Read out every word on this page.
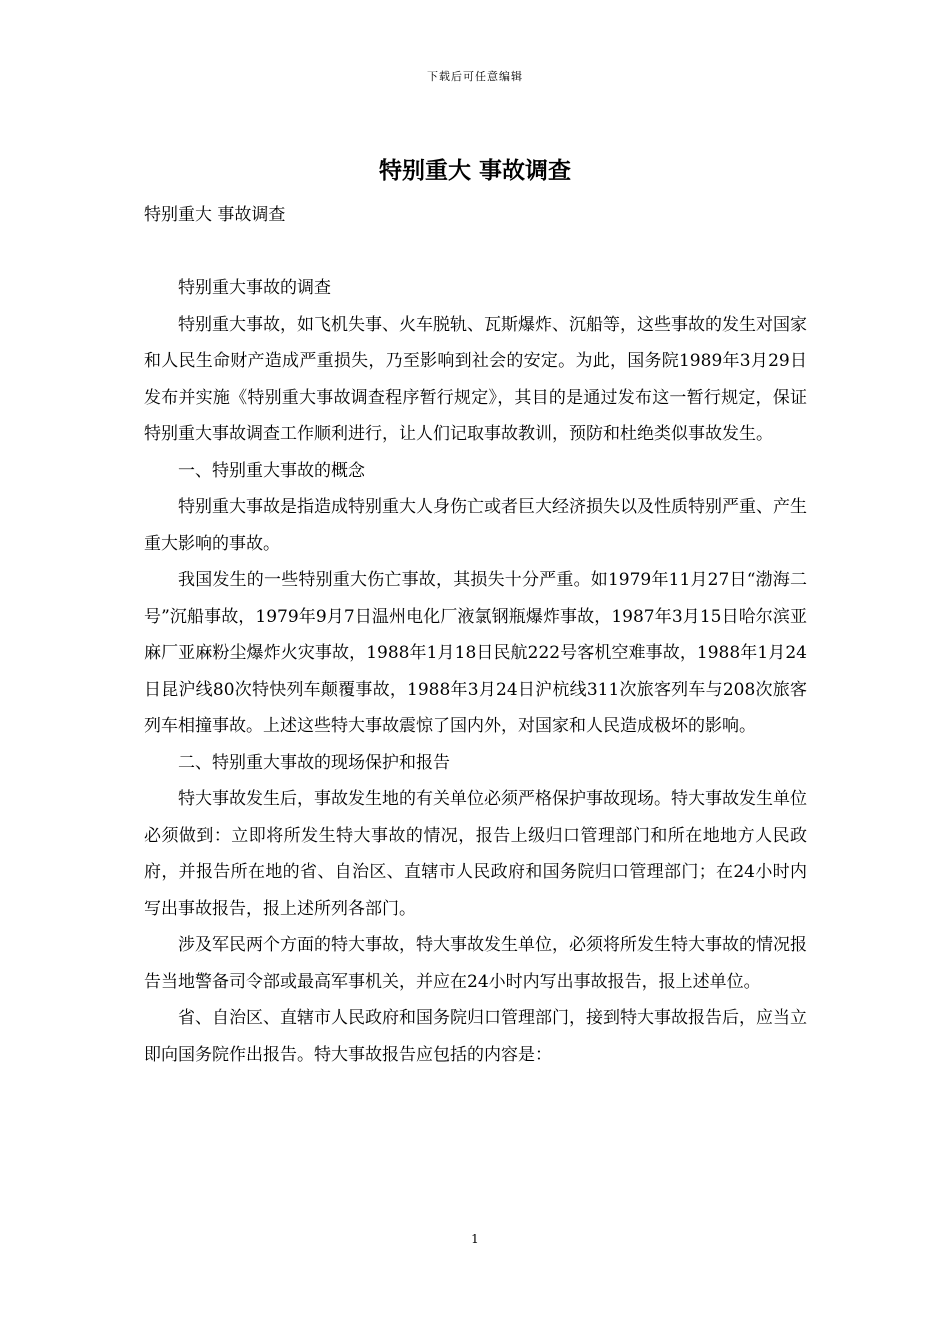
下载后可任意编辑
特别重大 事故调查
特别重大 事故调查

特别重大事故的调查

特别重大事故，如飞机失事、火车脱轨、瓦斯爆炸、沉船等，这些事故的发生对国家和人民生命财产造成严重损失，乃至影响到社会的安定。为此，国务院1989年3月29日发布并实施《特别重大事故调查程序暂行规定》，其目的是通过发布这一暂行规定，保证特别重大事故调查工作顺利进行，让人们记取事故教训，预防和杜绝类似事故发生。

一、特别重大事故的概念

特别重大事故是指造成特别重大人身伤亡或者巨大经济损失以及性质特别严重、产生重大影响的事故。

我国发生的一些特别重大伤亡事故，其损失十分严重。如1979年11月27日“渤海二号”沉船事故，1979年9月7日温州电化厂液氯钢瓶爆炸事故，1987年3月15日哈尔滨亚麻厂亚麻粉尘爆炸火灾事故，1988年1月18日民航222号客机空难事故，1988年1月24日昆沪线80次特快列车颠覆事故，1988年3月24日沪杭线311次旅客列车与208次旅客列车相撞事故。上述这些特大事故震惊了国内外，对国家和人民造成极坏的影响。

二、特别重大事故的现场保护和报告

特大事故发生后，事故发生地的有关单位必须严格保护事故现场。特大事故发生单位必须做到：立即将所发生特大事故的情况，报告上级归口管理部门和所在地地方人民政府，并报告所在地的省、自治区、直辖市人民政府和国务院归口管理部门；在24小时内写出事故报告，报上述所列各部门。

涉及军民两个方面的特大事故，特大事故发生单位，必须将所发生特大事故的情况报告当地警备司令部或最高军事机关，并应在24小时内写出事故报告，报上述单位。

省、自治区、直辖市人民政府和国务院归口管理部门，接到特大事故报告后，应当立即向国务院作出报告。特大事故报告应包括的内容是：

1
